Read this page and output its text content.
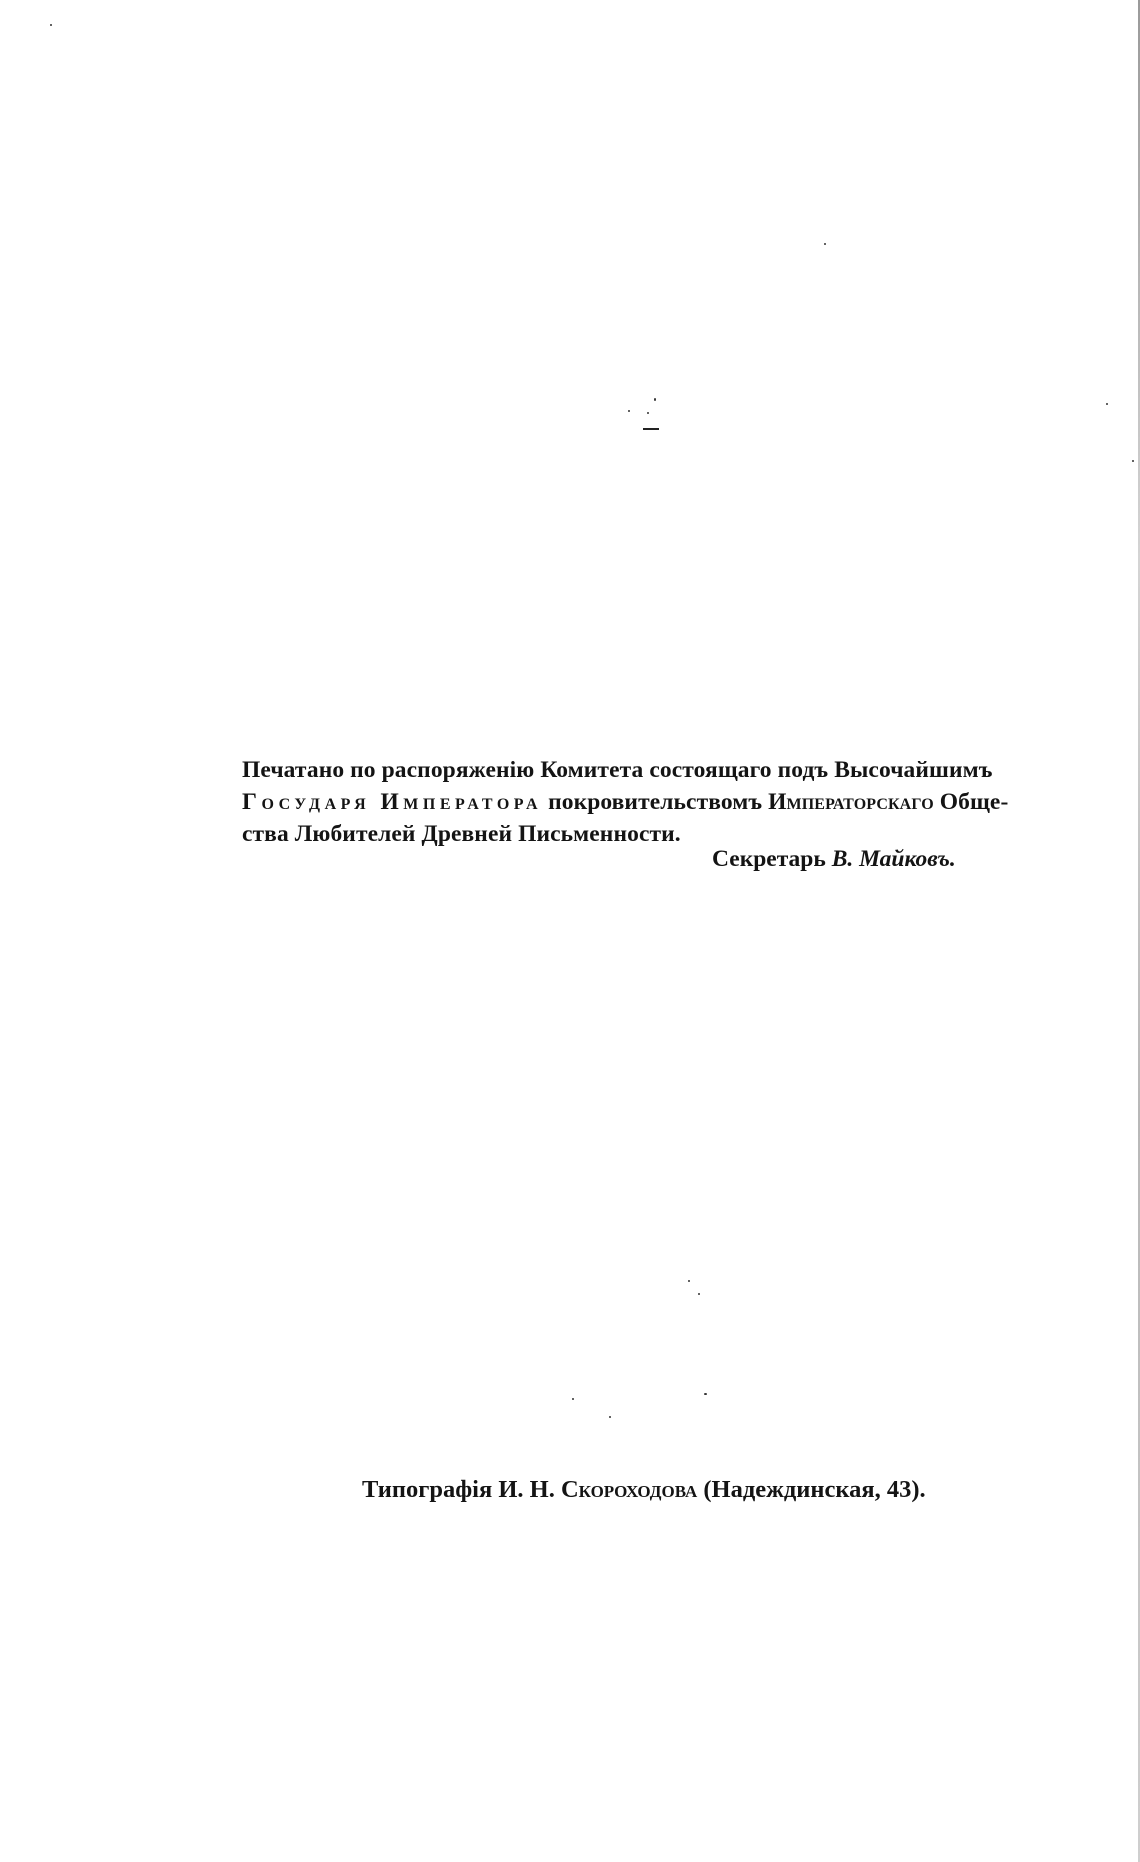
Печатано по распоряженію Комитета состоящаго подъ Высочайшимъ
Государя Императора покровительствомъ Императорскаго Обще-
ства Любителей Древней Письменности.
Секретарь В. Майковъ.
Типографія И. Н. Скороходова (Надеждинская, 43).
